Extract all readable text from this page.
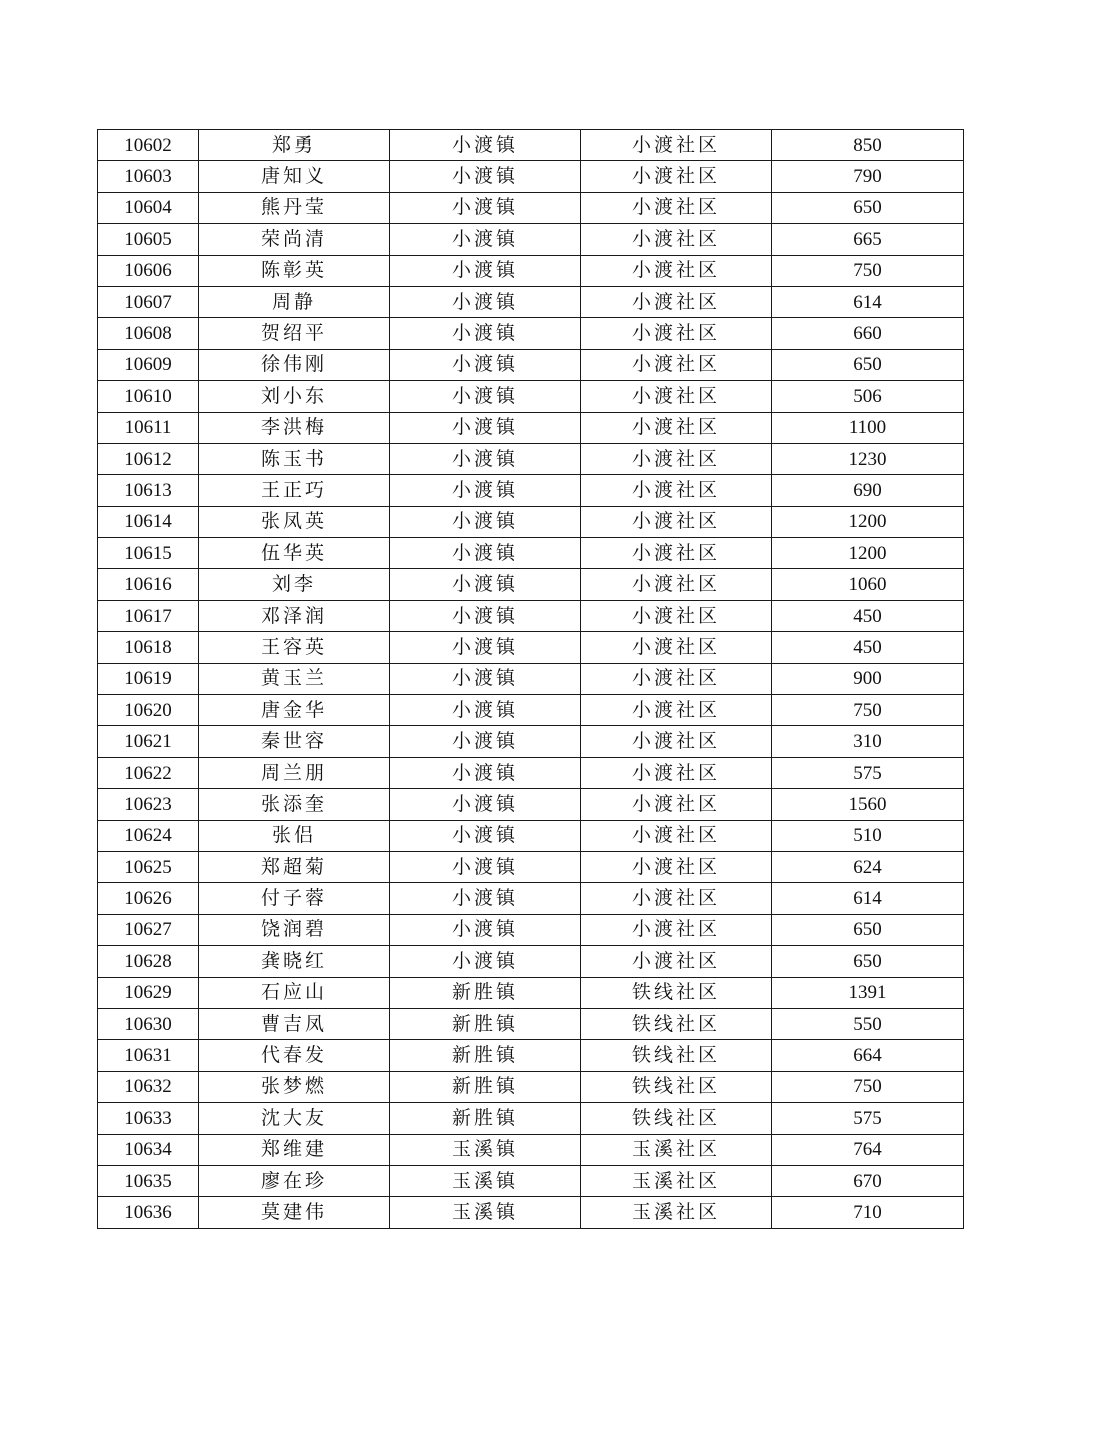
10602	郑勇	小渡镇	小渡社区	850
10603	唐知义	小渡镇	小渡社区	790
10604	熊丹莹	小渡镇	小渡社区	650
10605	荣尚清	小渡镇	小渡社区	665
10606	陈彰英	小渡镇	小渡社区	750
10607	周静	小渡镇	小渡社区	614
10608	贺绍平	小渡镇	小渡社区	660
10609	徐伟刚	小渡镇	小渡社区	650
10610	刘小东	小渡镇	小渡社区	506
10611	李洪梅	小渡镇	小渡社区	1100
10612	陈玉书	小渡镇	小渡社区	1230
10613	王正巧	小渡镇	小渡社区	690
10614	张凤英	小渡镇	小渡社区	1200
10615	伍华英	小渡镇	小渡社区	1200
10616	刘李	小渡镇	小渡社区	1060
10617	邓泽润	小渡镇	小渡社区	450
10618	王容英	小渡镇	小渡社区	450
10619	黄玉兰	小渡镇	小渡社区	900
10620	唐金华	小渡镇	小渡社区	750
10621	秦世容	小渡镇	小渡社区	310
10622	周兰朋	小渡镇	小渡社区	575
10623	张添奎	小渡镇	小渡社区	1560
10624	张侣	小渡镇	小渡社区	510
10625	郑超菊	小渡镇	小渡社区	624
10626	付子蓉	小渡镇	小渡社区	614
10627	饶润碧	小渡镇	小渡社区	650
10628	龚晓红	小渡镇	小渡社区	650
10629	石应山	新胜镇	铁线社区	1391
10630	曹吉凤	新胜镇	铁线社区	550
10631	代春发	新胜镇	铁线社区	664
10632	张梦燃	新胜镇	铁线社区	750
10633	沈大友	新胜镇	铁线社区	575
10634	郑维建	玉溪镇	玉溪社区	764
10635	廖在珍	玉溪镇	玉溪社区	670
10636	莫建伟	玉溪镇	玉溪社区	710
